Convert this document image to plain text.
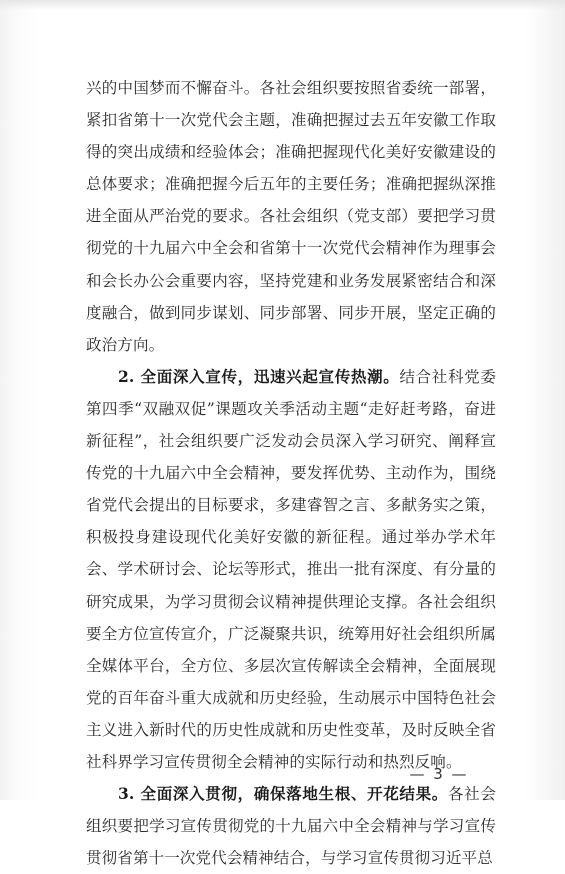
兴的中国梦而不懈奋斗。各社会组织要按照省委统一部署，紧扣省第十一次党代会主题，准确把握过去五年安徽工作取得的突出成绩和经验体会；准确把握现代化美好安徽建设的总体要求；准确把握今后五年的主要任务；准确把握纵深推进全面从严治党的要求。各社会组织（党支部）要把学习贯彻党的十九届六中全会和省第十一次党代会精神作为理事会和会长办公会重要内容，坚持党建和业务发展紧密结合和深度融合，做到同步谋划、同步部署、同步开展，坚定正确的政治方向。

2. 全面深入宣传，迅速兴起宣传热潮。结合社科党委第四季“双融双促”课题攻关季活动主题“走好赶考路，奋进新征程”，社会组织要广泛发动会员深入学习研究、阐释宣传党的十九届六中全会精神，要发挥优势、主动作为，围绕省党代会提出的目标要求，多建睿智之言、多献务实之策，积极投身建设现代化美好安徽的新征程。通过举办学术年会、学术研讨会、论坛等形式，推出一批有深度、有分量的研究成果，为学习贯彻会议精神提供理论支撑。各社会组织要全方位宣传宣介，广泛凝聚共识，统筹用好社会组织所属全媒体平台，全方位、多层次宣传解读全会精神，全面展现党的百年奋斗重大成就和历史经验，生动展示中国特色社会主义进入新时代的历史性成就和历史性变革，及时反映全省社科界学习宣传贯彻全会精神的实际行动和热烈反响。

3. 全面深入贯彻，确保落地生根、开花结果。各社会组织要把学习宣传贯彻党的十九届六中全会精神与学习宣传贯彻省第十一次党代会精神结合，与学习宣传贯彻习近平总

— 3 —
